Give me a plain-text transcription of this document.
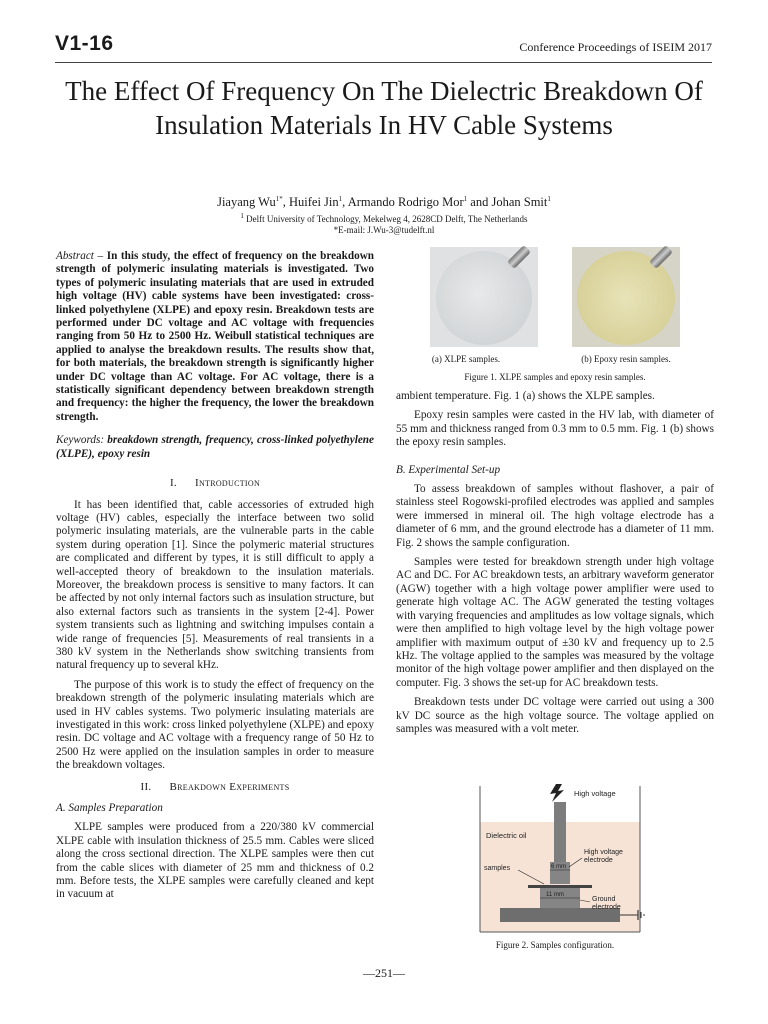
V1-16	Conference Proceedings of ISEIM 2017
The Effect Of Frequency On The Dielectric Breakdown Of Insulation Materials In HV Cable Systems
Jiayang $Wu^{1*}$, Huifei Jin$^1$, Armando Rodrigo Mor$^1$ and Johan Smit$^1$
$^1$ Delft University of Technology, Mekelweg 4, 2628CD Delft, The Netherlands
*E-mail: J.Wu-3@tudelft.nl

Abstract – In this study, the effect of frequency on the breakdown strength of polymeric insulating materials is investigated. Two types of polymeric insulating materials that are used in extruded high voltage (HV) cable systems have been investigated: cross-linked polyethylene (XLPE) and epoxy resin. Breakdown tests are performed under DC voltage and AC voltage with frequencies ranging from 50 Hz to 2500 Hz. Weibull statistical techniques are applied to analyse the breakdown results. The results show that, for both materials, the breakdown strength is significantly higher under DC voltage than AC voltage. For AC voltage, there is a statistically significant dependency between breakdown strength and frequency: the higher the frequency, the lower the breakdown strength.

Keywords: breakdown strength, frequency, cross-linked polyethylene (XLPE), epoxy resin

I. Introduction

It has been identified that, cable accessories of extruded high voltage (HV) cables, especially the interface between two solid polymeric insulating materials, are the vulnerable parts in the cable system during operation [1]. Since the polymeric material structures are complicated and different by types, it is still difficult to apply a well-accepted theory of breakdown to the insulation materials. Moreover, the breakdown process is sensitive to many factors. It can be affected by not only internal factors such as insulation structure, but also external factors such as transients in the system [2-4]. Power system transients such as lightning and switching impulses contain a wide range of frequencies [5]. Measurements of real transients in a 380 kV system in the Netherlands show switching transients from natural frequency up to several kHz.

The purpose of this work is to study the effect of frequency on the breakdown strength of the polymeric insulating materials which are used in HV cables systems. Two polymeric insulating materials are investigated in this work: cross linked polyethylene (XLPE) and epoxy resin. DC voltage and AC voltage with a frequency range of 50 Hz to 2500 Hz were applied on the insulation samples in order to measure the breakdown voltages.

II. Breakdown Experiments
A. Samples Preparation

XLPE samples were produced from a 220/380 kV commercial XLPE cable with insulation thickness of 25.5 mm. Cables were sliced along the cross sectional direction. The XLPE samples were then cut from the cable slices with diameter of 25 mm and thickness of 0.2 mm. Before tests, the XLPE samples were carefully cleaned and kept in vacuum at

(a) XLPE samples.	(b) Epoxy resin samples.
Figure 1. XLPE samples and epoxy resin samples.

ambient temperature. Fig. 1 (a) shows the XLPE samples.

Epoxy resin samples were casted in the HV lab, with diameter of 55 mm and thickness ranged from 0.3 mm to 0.5 mm. Fig. 1 (b) shows the epoxy resin samples.

B. Experimental Set-up

To assess breakdown of samples without flashover, a pair of stainless steel Rogowski-profiled electrodes was applied and samples were immersed in mineral oil. The high voltage electrode has a diameter of 6 mm, and the ground electrode has a diameter of 11 mm. Fig. 2 shows the sample configuration.

Samples were tested for breakdown strength under high voltage AC and DC. For AC breakdown tests, an arbitrary waveform generator (AGW) together with a high voltage power amplifier were used to generate high voltage AC. The AGW generated the testing voltages with varying frequencies and amplitudes as low voltage signals, which were then amplified to high voltage level by the high voltage power amplifier with maximum output of ±30 kV and frequency up to 2.5 kHz. The voltage applied to the samples was measured by the voltage monitor of the high voltage power amplifier and then displayed on the computer. Fig. 3 shows the set-up for AC breakdown tests.

Breakdown tests under DC voltage were carried out using a 300 kV DC source as the high voltage source. The voltage applied on samples was measured with a volt meter.

High voltage
Dielectric oil
High voltage
electrode
samples	6 mm
11 mm
Ground
electrode
Figure 2. Samples configuration.
—251—
